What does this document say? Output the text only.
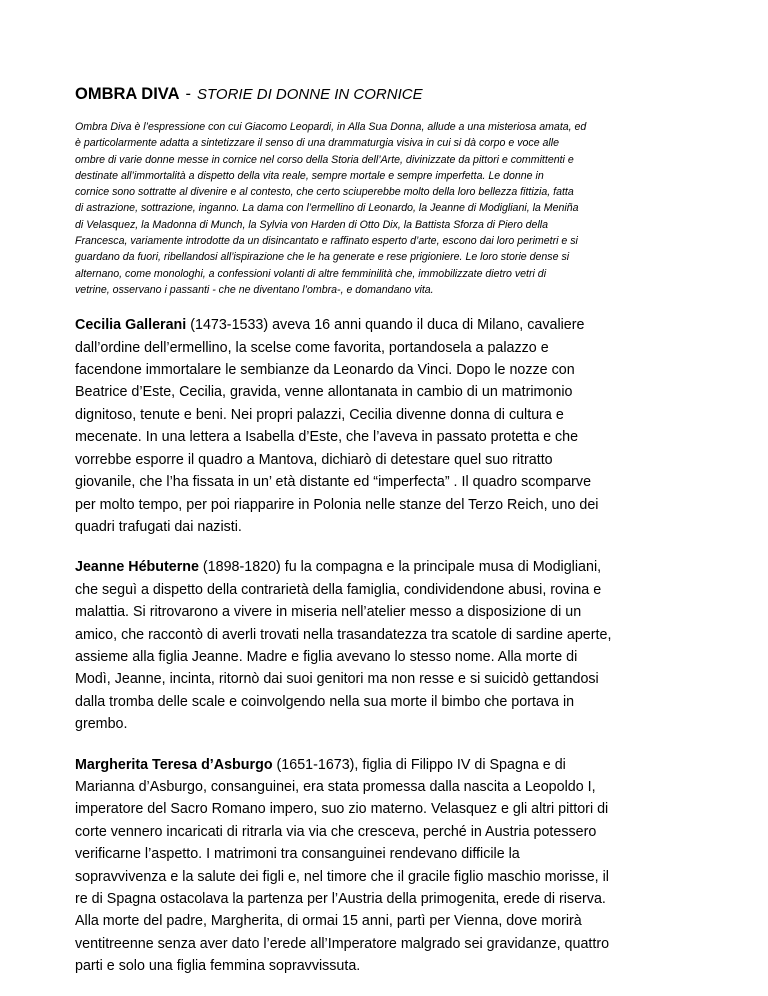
OMBRA DIVA - STORIE DI DONNE IN CORNICE
Ombra Diva è l’espressione con cui Giacomo Leopardi, in Alla Sua Donna, allude a una misteriosa amata, ed
è particolarmente adatta a sintetizzare il senso di una drammaturgia visiva in cui si dà corpo e voce alle
ombre di varie donne messe in cornice nel corso della Storia dell’Arte, divinizzate da pittori e committenti e
destinate all’immortalità a dispetto della vita reale, sempre mortale e sempre imperfetta. Le donne in
cornice sono sottratte al divenire e al contesto, che certo sciuperebbe molto della loro bellezza fittizia, fatta
di astrazione, sottrazione, inganno. La dama con l’ermellino di Leonardo, la Jeanne di Modigliani, la Meniña
di Velasquez, la Madonna di Munch, la Sylvia von Harden di Otto Dix, la Battista Sforza di Piero della
Francesca, variamente introdotte da un disincantato e raffinato esperto d’arte, escono dai loro perimetri e si
guardano da fuori, ribellandosi all’ispirazione che le ha generate e rese prigioniere. Le loro storie dense si
alternano, come monologhi, a confessioni volanti di altre femminilità che, immobilizzate dietro vetri di
vetrine, osservano i passanti - che ne diventano l’ombra-, e domandano vita.
Cecilia Gallerani (1473-1533) aveva 16 anni quando il duca di Milano, cavaliere
dall’ordine dell’ermellino, la scelse come favorita, portandosela a palazzo e
facendone immortalare le sembianze da Leonardo da Vinci. Dopo le nozze con
Beatrice d’Este, Cecilia, gravida, venne allontanata in cambio di un matrimonio
dignitoso, tenute e beni. Nei propri palazzi, Cecilia divenne donna di cultura e
mecenate. In una lettera a Isabella d’Este, che l’aveva in passato protetta e che
vorrebbe esporre il quadro a Mantova, dichiarò di detestare quel suo ritratto
giovanile, che l’ha fissata in un’ età distante ed “imperfecta” . Il quadro scomparve
per molto tempo, per poi riapparire in Polonia nelle stanze del Terzo Reich, uno dei
quadri trafugati dai nazisti.
Jeanne Hébuterne (1898-1820) fu la compagna e la principale musa di Modigliani,
che seguì a dispetto della contrarietà della famiglia, condividendone abusi, rovina e
malattia. Si ritrovarono a vivere in miseria nell’atelier messo a disposizione di un
amico, che raccontò di averli trovati nella trasandatezza tra scatole di sardine aperte,
assieme alla figlia Jeanne. Madre e figlia avevano lo stesso nome. Alla morte di
Modì, Jeanne, incinta, ritornò dai suoi genitori ma non resse e si suicidò gettandosi
dalla tromba delle scale e coinvolgendo nella sua morte il bimbo che portava in
grembo.
Margherita Teresa d’Asburgo (1651-1673), figlia di Filippo IV di Spagna e di
Marianna d’Asburgo, consanguinei, era stata promessa dalla nascita a Leopoldo I,
imperatore del Sacro Romano impero, suo zio materno. Velasquez e gli altri pittori di
corte vennero incaricati di ritrarla via via che cresceva, perché in Austria potessero
verificarne l’aspetto. I matrimoni tra consanguinei rendevano difficile la
sopravvivenza e la salute dei figli e, nel timore che il gracile figlio maschio morisse, il
re di Spagna ostacolava la partenza per l’Austria della primogenita, erede di riserva.
Alla morte del padre, Margherita, di ormai 15 anni, partì per Vienna, dove morirà
ventitreenne senza aver dato l’erede all’Imperatore malgrado sei gravidanze, quattro
parti e solo una figlia femmina sopravvissuta.
